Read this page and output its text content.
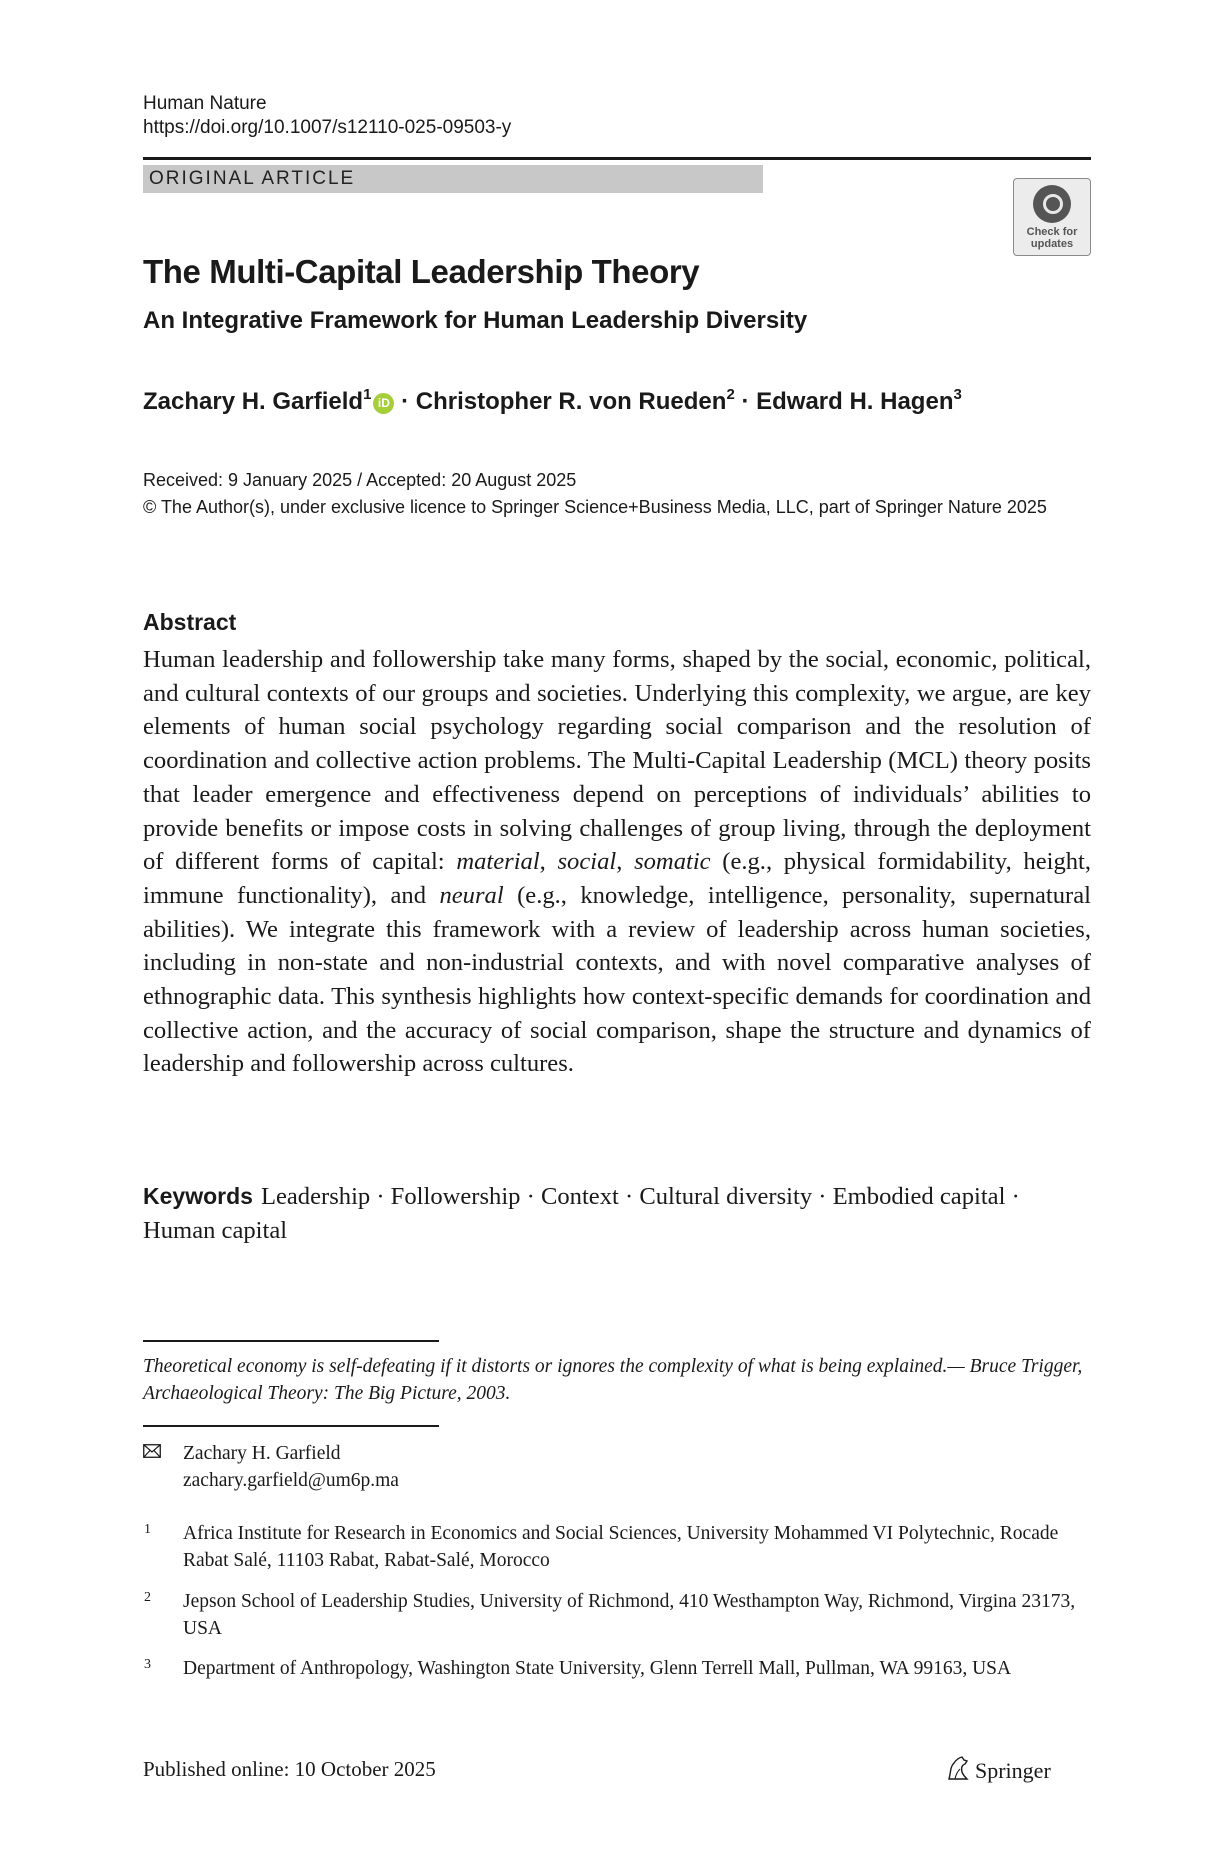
Human Nature
https://doi.org/10.1007/s12110-025-09503-y
ORIGINAL ARTICLE
Check for updates
The Multi-Capital Leadership Theory
An Integrative Framework for Human Leadership Diversity
Zachary H. Garfield$^1$ iD · Christopher R. von Rueden$^2$ · Edward H. Hagen$^3$
Received: 9 January 2025 / Accepted: 20 August 2025
© The Author(s), under exclusive licence to Springer Science+Business Media, LLC, part of Springer Nature 2025
Abstract
Human leadership and followership take many forms, shaped by the social, economic, political, and cultural contexts of our groups and societies. Underlying this complexity, we argue, are key elements of human social psychology regarding social comparison and the resolution of coordination and collective action problems. The Multi-Capital Leadership (MCL) theory posits that leader emergence and effectiveness depend on perceptions of individuals’ abilities to provide benefits or impose costs in solving challenges of group living, through the deployment of different forms of capital: material, social, somatic (e.g., physical formidability, height, immune functionality), and neural (e.g., knowledge, intelligence, personality, supernatural abilities). We integrate this framework with a review of leadership across human societies, including in non-state and non-industrial contexts, and with novel comparative analyses of ethnographic data. This synthesis highlights how context-specific demands for coordination and collective action, and the accuracy of social comparison, shape the structure and dynamics of leadership and followership across cultures.
Keywords Leadership · Followership · Context · Cultural diversity · Embodied capital · Human capital
Theoretical economy is self-defeating if it distorts or ignores the complexity of what is being explained.— Bruce Trigger, Archaeological Theory: The Big Picture, 2003.
Zachary H. Garfield
zachary.garfield@um6p.ma
1	Africa Institute for Research in Economics and Social Sciences, University Mohammed VI Polytechnic, Rocade Rabat Salé, 11103 Rabat, Rabat-Salé, Morocco
2	Jepson School of Leadership Studies, University of Richmond, 410 Westhampton Way, Richmond, Virgina 23173, USA
3	Department of Anthropology, Washington State University, Glenn Terrell Mall, Pullman, WA 99163, USA
Published online: 10 October 2025	Springer
